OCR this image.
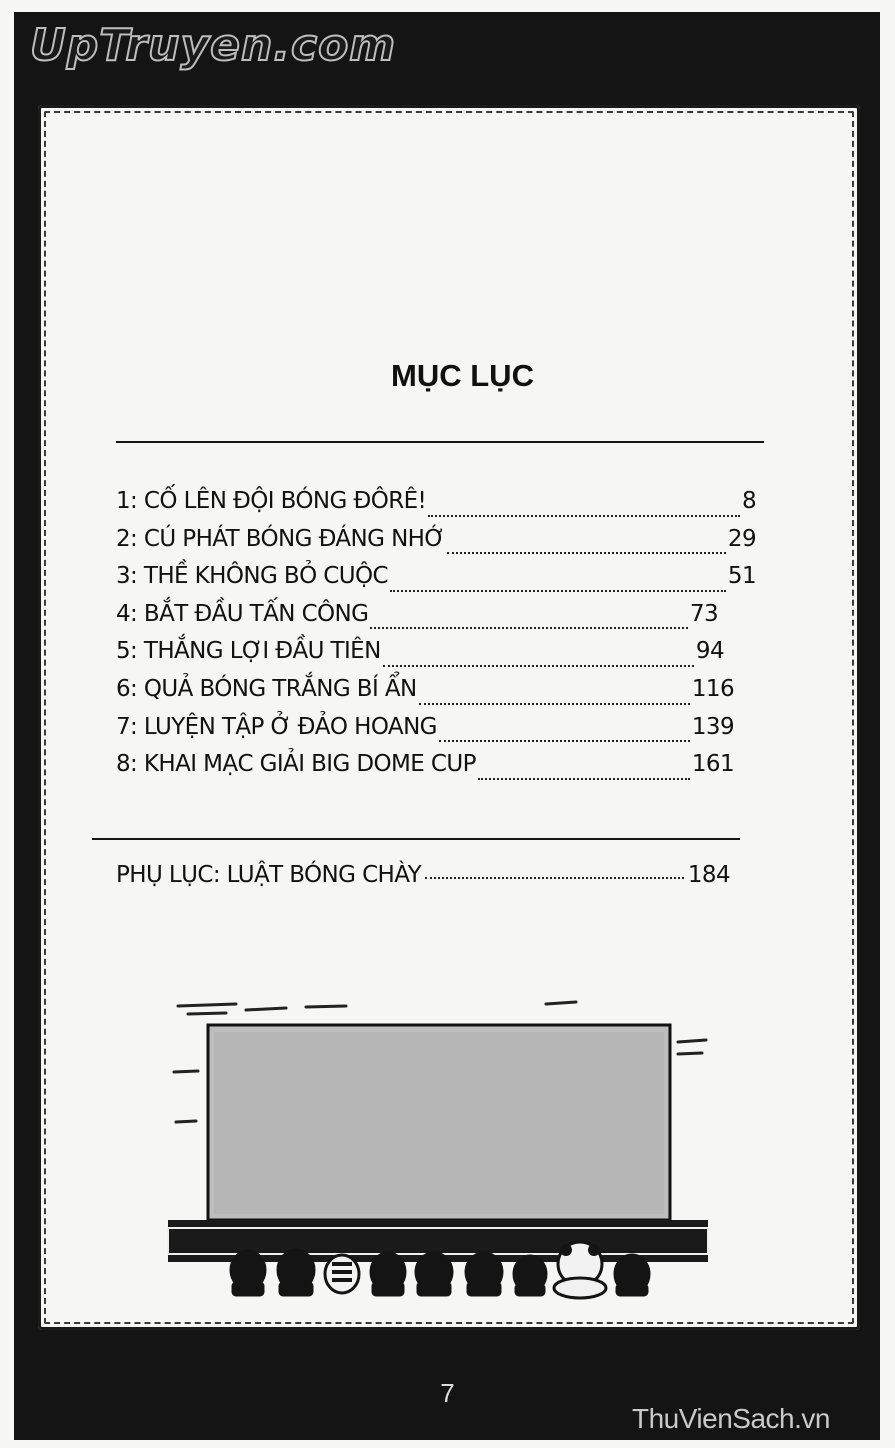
UpTruyen.com
MỤC LỤC
1: CỐ LÊN ĐỘI BÓNG ĐÔRÊ!	8
2: CÚ PHÁT BÓNG ĐÁNG NHỚ	29
3: THỀ KHÔNG BỎ CUỘC	51
4: BẮT ĐẦU TẤN CÔNG	73
5: THẮNG LỢI ĐẦU TIÊN	94
6: QUẢ BÓNG TRẮNG BÍ ẨN	116
7: LUYỆN TẬP Ở ĐẢO HOANG	139
8: KHAI MẠC GIẢI BIG DOME CUP	161
PHỤ LỤC: LUẬT BÓNG CHÀY	184
7
ThuVienSach.vn
